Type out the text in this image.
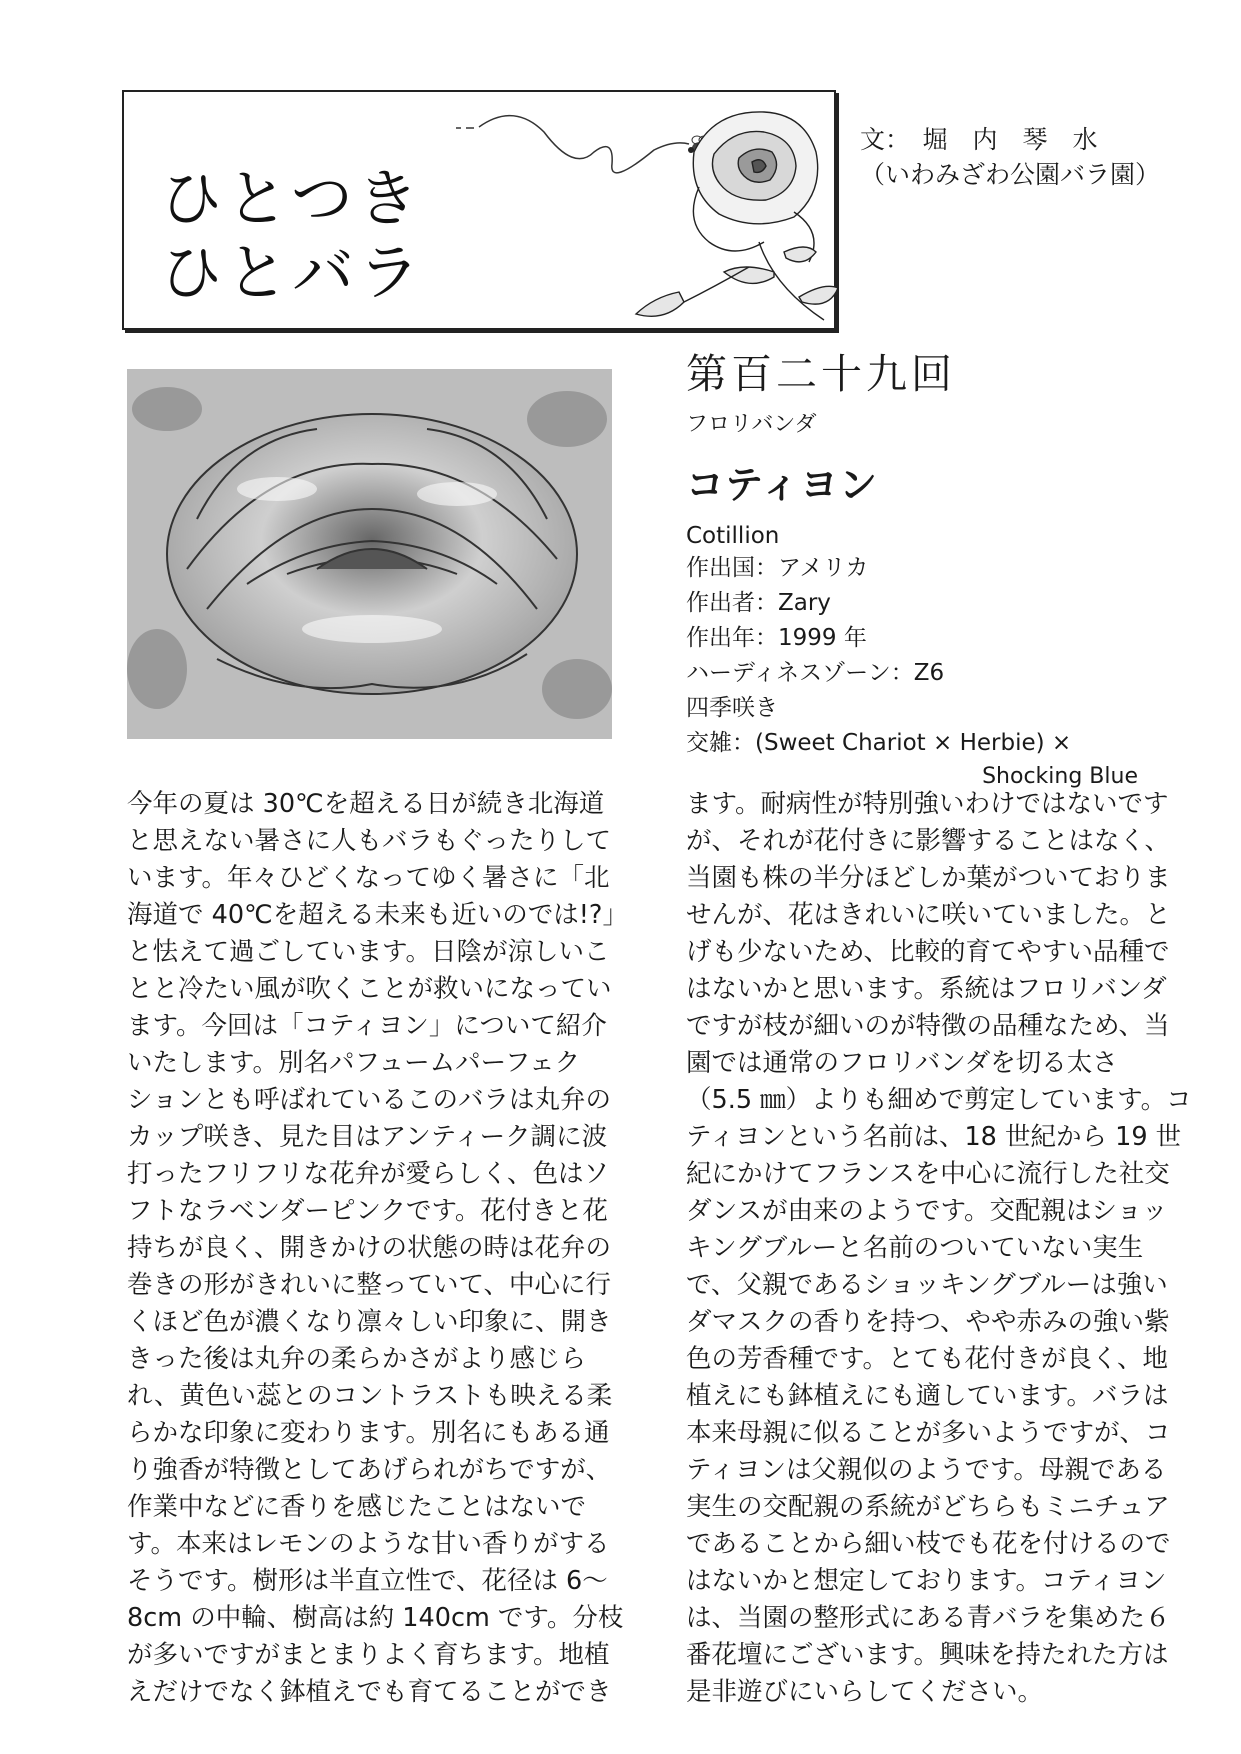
ひとつき
ひとバラ
文：　堀　内　琴　水
（いわみざわ公園バラ園）
第百二十九回
フロリバンダ
コティヨン
Cotillion
作出国：アメリカ
作出者：Zary
作出年：1999 年
ハーディネスゾーン：Z6
四季咲き
交雑：(Sweet Chariot × Herbie) ×
Shocking Blue
今年の夏は 30℃を超える日が続き北海道
と思えない暑さに人もバラもぐったりして
います。年々ひどくなってゆく暑さに「北
海道で 40℃を超える未来も近いのでは!?」
と怯えて過ごしています。日陰が涼しいこ
とと冷たい風が吹くことが救いになってい
ます。今回は「コティヨン」について紹介
いたします。別名パフュームパーフェク
ションとも呼ばれているこのバラは丸弁の
カップ咲き、見た目はアンティーク調に波
打ったフリフリな花弁が愛らしく、色はソ
フトなラベンダーピンクです。花付きと花
持ちが良く、開きかけの状態の時は花弁の
巻きの形がきれいに整っていて、中心に行
くほど色が濃くなり凛々しい印象に、開き
きった後は丸弁の柔らかさがより感じら
れ、黄色い蕊とのコントラストも映える柔
らかな印象に変わります。別名にもある通
り強香が特徴としてあげられがちですが、
作業中などに香りを感じたことはないで
す。本来はレモンのような甘い香りがする
そうです。樹形は半直立性で、花径は 6～
8cm の中輪、樹高は約 140cm です。分枝
が多いですがまとまりよく育ちます。地植
えだけでなく鉢植えでも育てることができ
ます。耐病性が特別強いわけではないです
が、それが花付きに影響することはなく、
当園も株の半分ほどしか葉がついておりま
せんが、花はきれいに咲いていました。と
げも少ないため、比較的育てやすい品種で
はないかと思います。系統はフロリバンダ
ですが枝が細いのが特徴の品種なため、当
園では通常のフロリバンダを切る太さ
（5.5 ㎜）よりも細めで剪定しています。コ
ティヨンという名前は、18 世紀から 19 世
紀にかけてフランスを中心に流行した社交
ダンスが由来のようです。交配親はショッ
キングブルーと名前のついていない実生
で、父親であるショッキングブルーは強い
ダマスクの香りを持つ、やや赤みの強い紫
色の芳香種です。とても花付きが良く、地
植えにも鉢植えにも適しています。バラは
本来母親に似ることが多いようですが、コ
ティヨンは父親似のようです。母親である
実生の交配親の系統がどちらもミニチュア
であることから細い枝でも花を付けるので
はないかと想定しております。コティヨン
は、当園の整形式にある青バラを集めた６
番花壇にございます。興味を持たれた方は
是非遊びにいらしてください。
